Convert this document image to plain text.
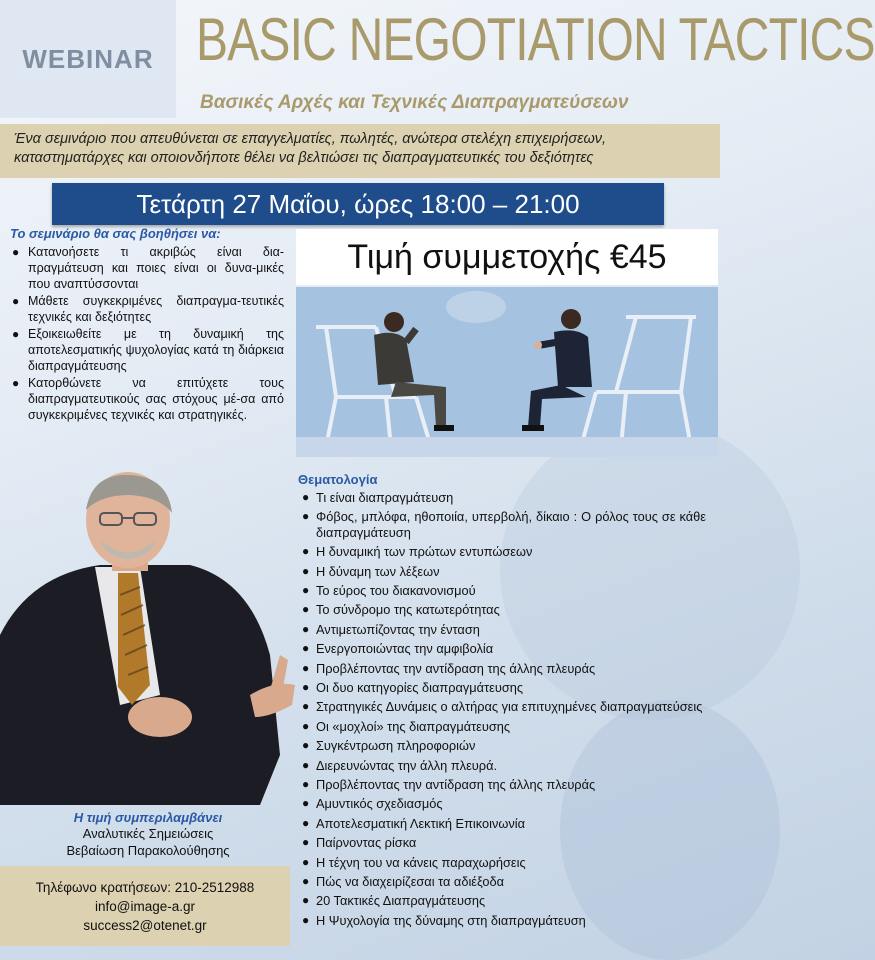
WEBINAR BASIC NEGOTIATION TACTICS
Βασικές Αρχές και Τεχνικές Διαπραγματεύσεων
Ένα σεμινάριο που απευθύνεται σε επαγγελματίες, πωλητές, ανώτερα στελέχη επιχειρήσεων,
καταστηματάρχες και οποιονδήποτε θέλει να βελτιώσει τις διαπραγματευτικές του δεξιότητες
Τετάρτη 27 Μαΐου, ώρες 18:00 – 21:00
Το σεμινάριο θα σας βοηθήσει να:
● Κατανοήσετε τι ακριβώς είναι δια-πραγμάτευση και ποιες είναι οι δυνα-μικές που αναπτύσσονται
● Μάθετε συγκεκριμένες διαπραγμα-τευτικές τεχνικές και δεξιότητες
● Εξοικειωθείτε με τη δυναμική της αποτελεσματικής ψυχολογίας κατά τη διάρκεια διαπραγμάτευσης
● Κατορθώνετε να επιτύχετε τους διαπραγματευτικούς σας στόχους μέ-σα από συγκεκριμένες τεχνικές και στρατηγικές.
Τιμή συμμετοχής €45
Θεματολογία
● Τι είναι διαπραγμάτευση
● Φόβος, μπλόφα, ηθοποιία, υπερβολή, δίκαιο : Ο ρόλος τους σε κάθε διαπραγμάτευση
● Η δυναμική των πρώτων εντυπώσεων
● Η δύναμη των λέξεων
● Το εύρος του διακανονισμού
● Το σύνδρομο της κατωτερότητας
● Αντιμετωπίζοντας την ένταση
● Ενεργοποιώντας την αμφιβολία
● Προβλέποντας την αντίδραση της άλλης πλευράς
● Οι δυο κατηγορίες διαπραγμάτευσης
● Στρατηγικές Δυνάμεις o αλτήρας για επιτυχημένες διαπραγματεύσεις
● Οι «μοχλοί» της διαπραγμάτευσης
● Συγκέντρωση πληροφοριών
● Διερευνώντας την άλλη πλευρά.
● Προβλέποντας την αντίδραση της άλλης πλευράς
● Αμυντικός σχεδιασμός
● Αποτελεσματική Λεκτική Επικοινωνία
● Παίρνοντας ρίσκα
● Η τέχνη του να κάνεις παραχωρήσεις
● Πώς να διαχειρίζεσαι τα αδιέξοδα
● 20 Τακτικές Διαπραγμάτευσης
● Η Ψυχολογία της δύναμης στη διαπραγμάτευση
Η τιμή συμπεριλαμβάνει
Αναλυτικές Σημειώσεις
Βεβαίωση Παρακολούθησης
Τηλέφωνο κρατήσεων: 210-2512988
info@image-a.gr
success2@otenet.gr
